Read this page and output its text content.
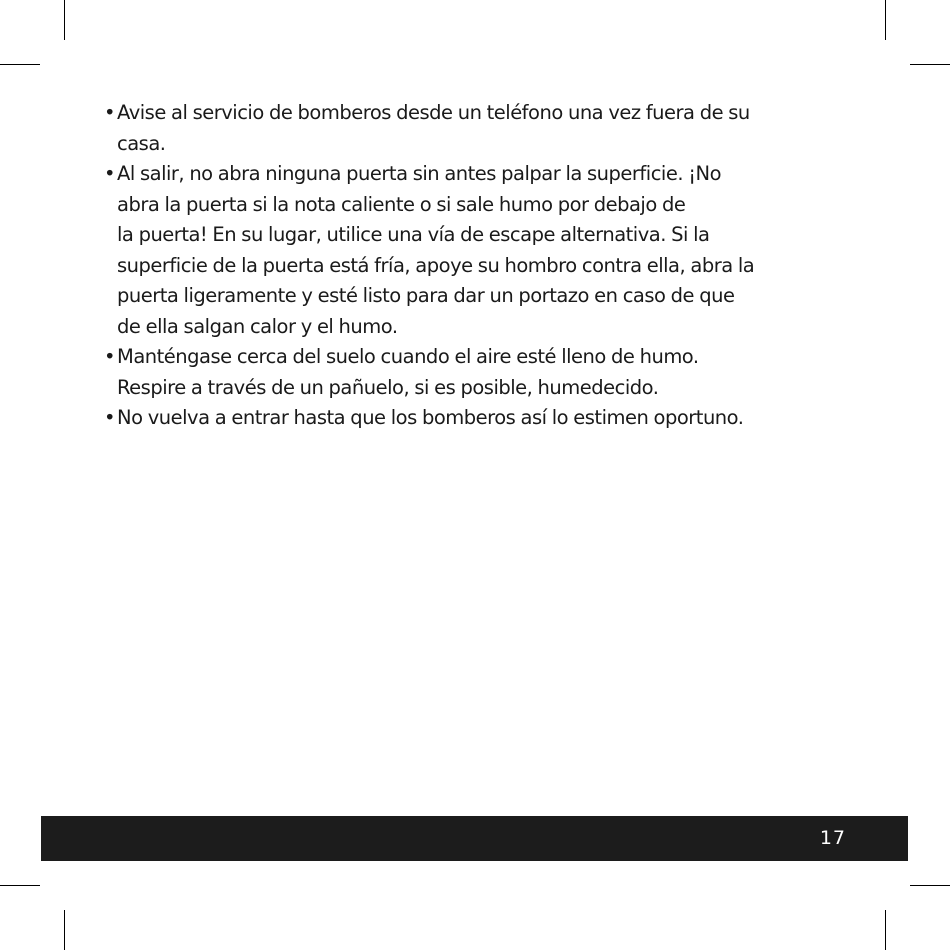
• Avise al servicio de bomberos desde un teléfono una vez fuera de su
casa.
• Al salir, no abra ninguna puerta sin antes palpar la superficie. ¡No
abra la puerta si la nota caliente o si sale humo por debajo de
la puerta! En su lugar, utilice una vía de escape alternativa. Si la
superficie de la puerta está fría, apoye su hombro contra ella, abra la
puerta ligeramente y esté listo para dar un portazo en caso de que
de ella salgan calor y el humo.
• Manténgase cerca del suelo cuando el aire esté lleno de humo.
Respire a través de un pañuelo, si es posible, humedecido.
• No vuelva a entrar hasta que los bomberos así lo estimen oportuno.
17
